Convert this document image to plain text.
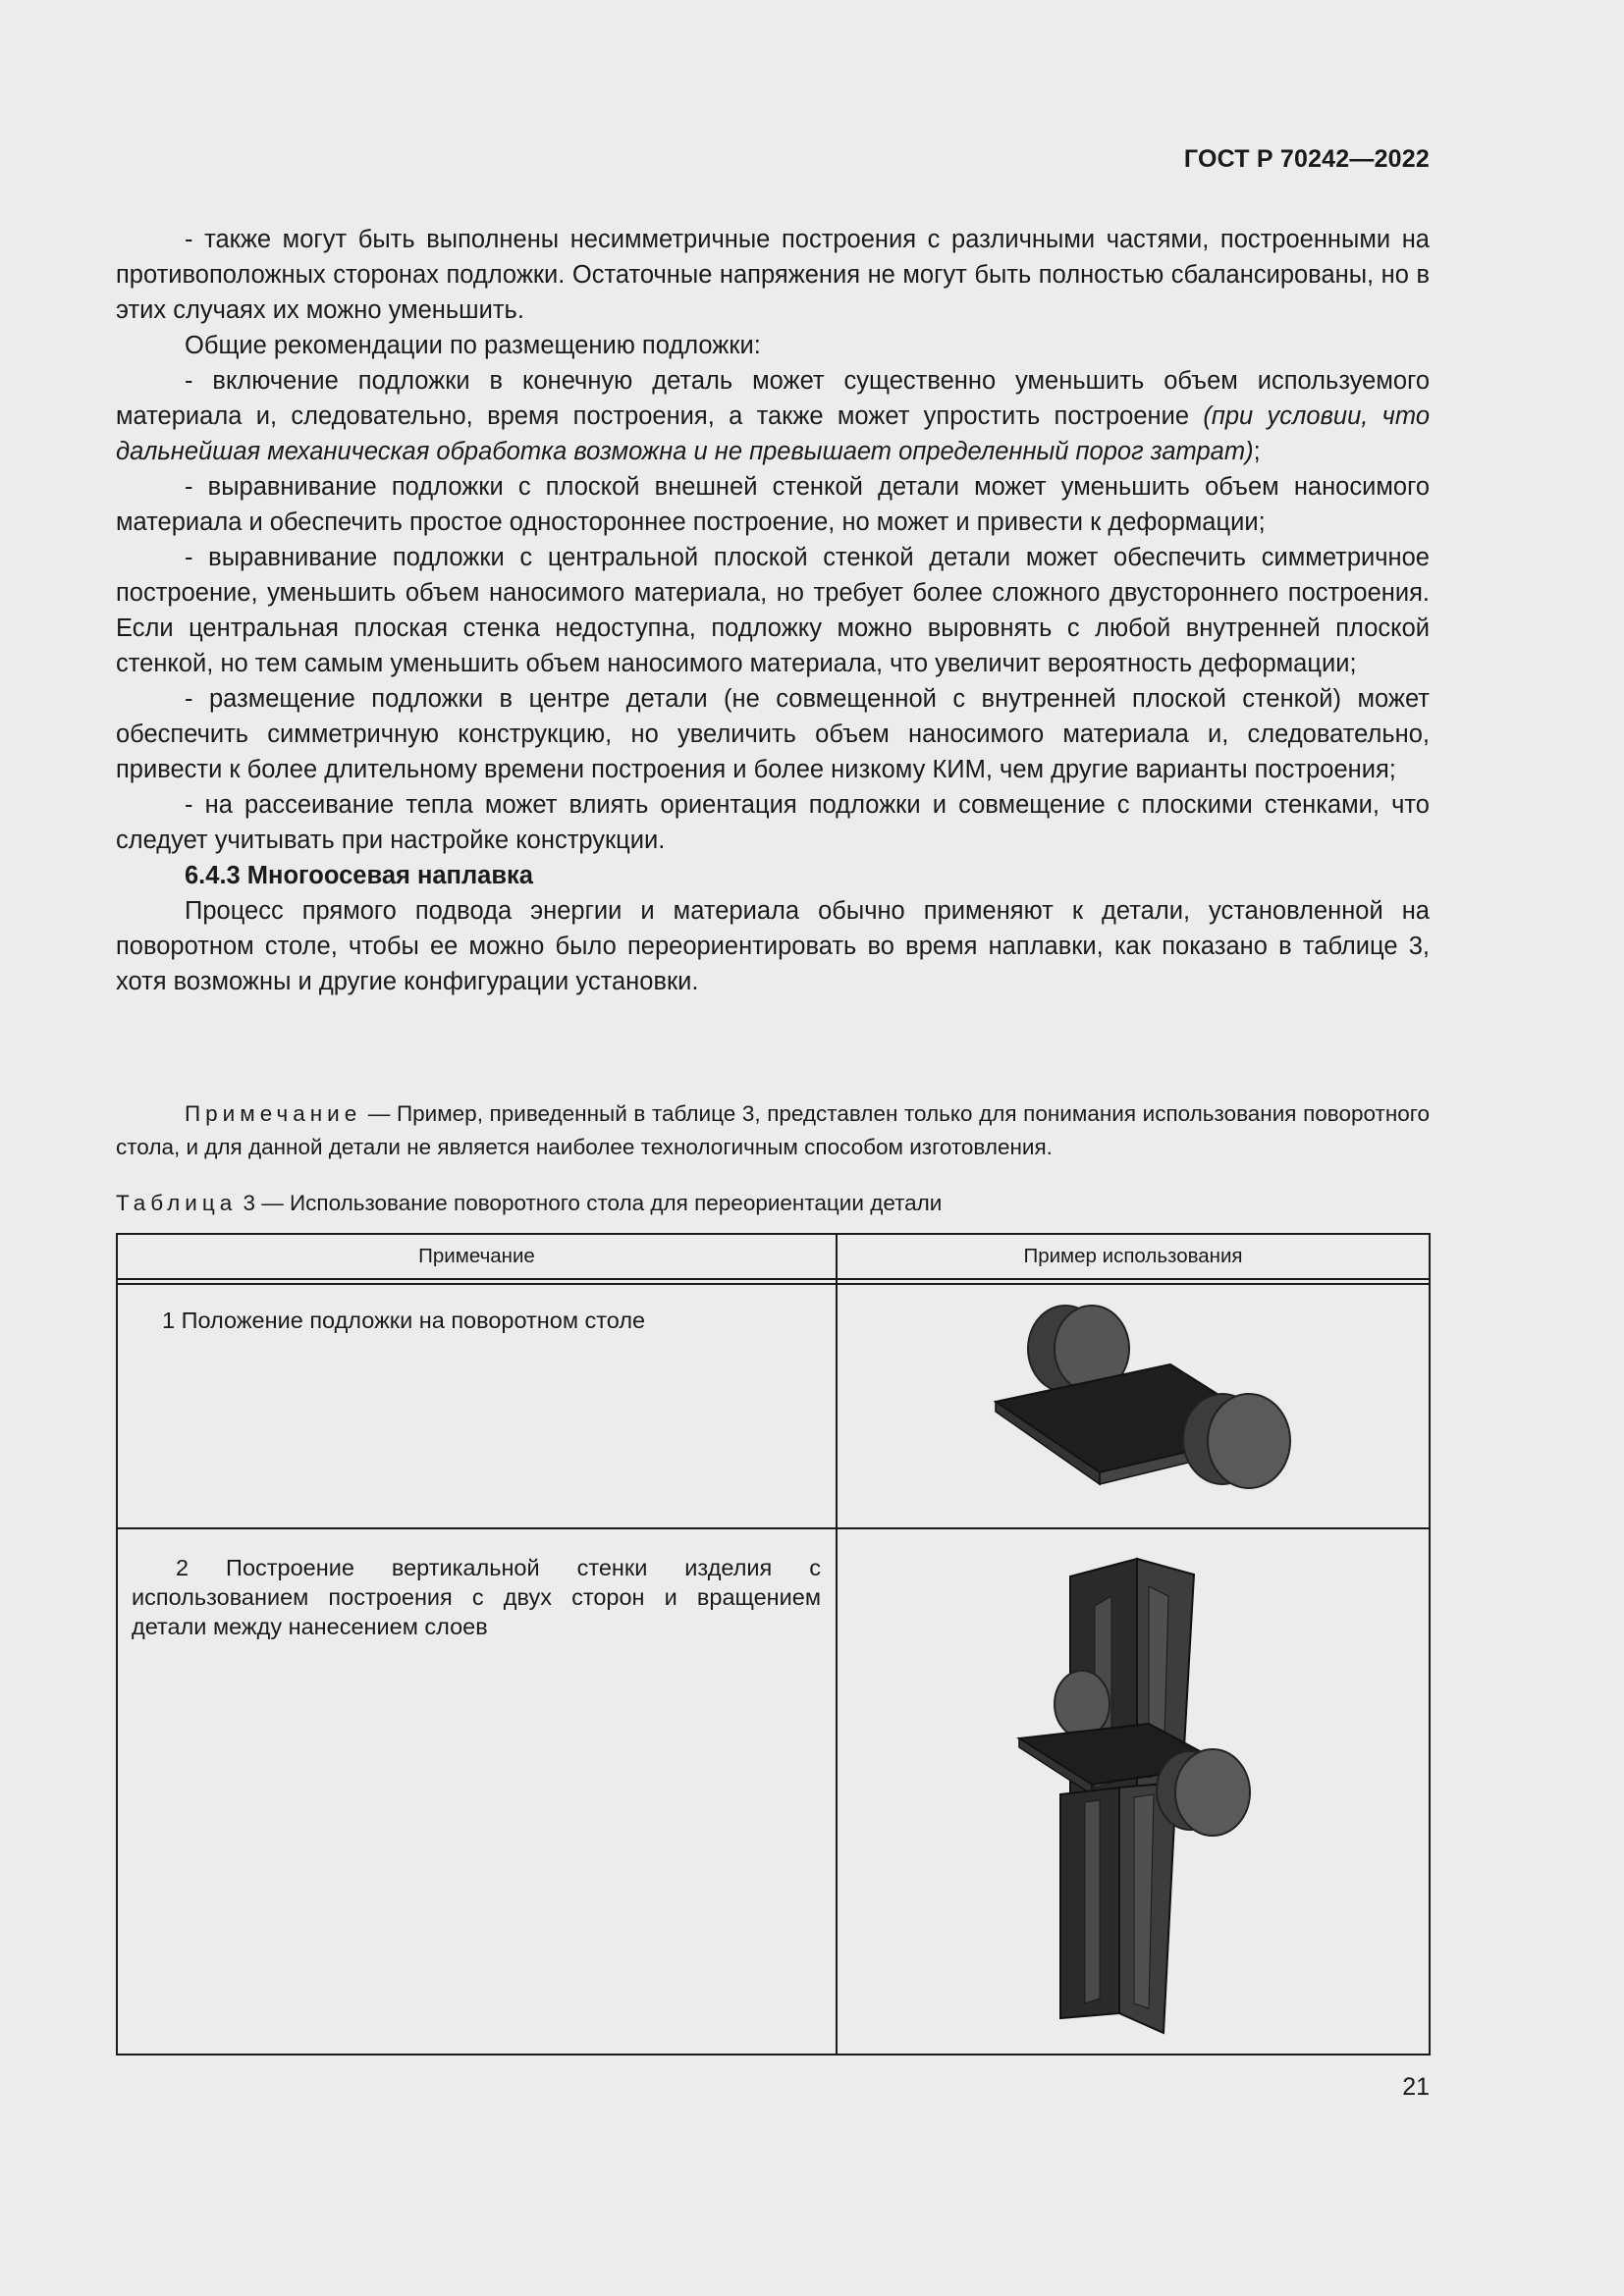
ГОСТ Р 70242—2022

- также могут быть выполнены несимметричные построения с различными частями, построенными на противоположных сторонах подложки. Остаточные напряжения не могут быть полностью сбалансированы, но в этих случаях их можно уменьшить.

Общие рекомендации по размещению подложки:

- включение подложки в конечную деталь может существенно уменьшить объем используемого материала и, следовательно, время построения, а также может упростить построение (при условии, что дальнейшая механическая обработка возможна и не превышает определенный порог затрат);

- выравнивание подложки с плоской внешней стенкой детали может уменьшить объем наносимого материала и обеспечить простое одностороннее построение, но может и привести к деформации;

- выравнивание подложки с центральной плоской стенкой детали может обеспечить симметричное построение, уменьшить объем наносимого материала, но требует более сложного двустороннего построения. Если центральная плоская стенка недоступна, подложку можно выровнять с любой внутренней плоской стенкой, но тем самым уменьшить объем наносимого материала, что увеличит вероятность деформации;

- размещение подложки в центре детали (не совмещенной с внутренней плоской стенкой) может обеспечить симметричную конструкцию, но увеличить объем наносимого материала и, следовательно, привести к более длительному времени построения и более низкому КИМ, чем другие варианты построения;

- на рассеивание тепла может влиять ориентация подложки и совмещение с плоскими стенками, что следует учитывать при настройке конструкции.

6.4.3 Многоосевая наплавка

Процесс прямого подвода энергии и материала обычно применяют к детали, установленной на поворотном столе, чтобы ее можно было переориентировать во время наплавки, как показано в таблице 3, хотя возможны и другие конфигурации установки.

Примечание — Пример, приведенный в таблице 3, представлен только для понимания использования поворотного стола, и для данной детали не является наиболее технологичным способом изготовления.

Таблица 3 — Использование поворотного стола для переориентации детали
Примечание	Пример использования

1 Положение подложки на поворотном столе

2 Построение вертикальной стенки изделия с использованием построения с двух сторон и вращением детали между нанесением слоев

21
